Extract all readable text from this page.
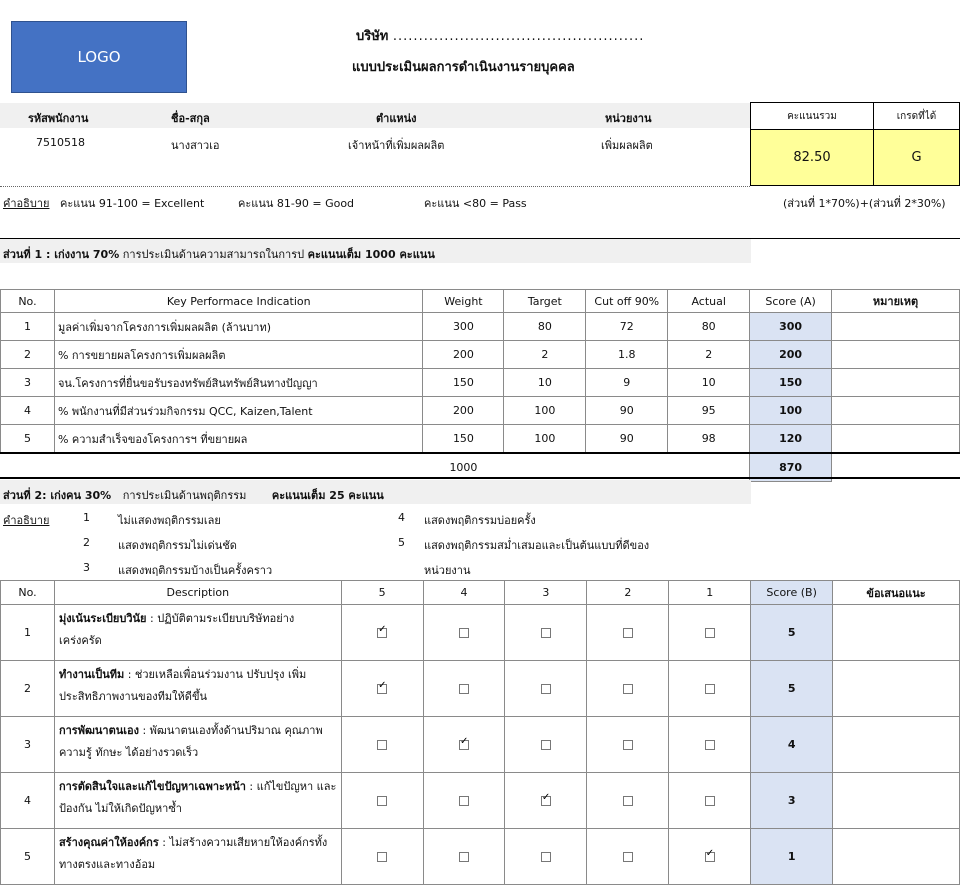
LOGO
บริษัท .................................................
แบบประเมินผลการดำเนินงานรายบุคคล
รหัสพนักงาน	ชื่อ-สกุล	ตำแหน่ง	หน่วยงาน
7510518	นางสาวเอ	เจ้าหน้าที่เพิ่มผลผลิต	เพิ่มผลผลิต
คะแนนรวม	เกรดที่ได้
82.50	G
คำอธิบาย คะแนน 91-100 = Excellent	คะแนน 81-90 = Good	คะแนน <80 = Pass	(ส่วนที่ 1*70%)+(ส่วนที่ 2*30%)
ส่วนที่ 1 : เก่งงาน 70% การประเมินด้านความสามารถในการป คะแนนเต็ม 1000 คะแนน
No.	Key Performace Indication	Weight	Target	Cut off 90%	Actual	Score (A)	หมายเหตุ
1	มูลค่าเพิ่มจากโครงการเพิ่มผลผลิต (ล้านบาท)	300	80	72	80	300	
2	% การขยายผลโครงการเพิ่มผลผลิต	200	2	1.8	2	200	
3	จน.โครงการที่ยื่นขอรับรองทรัพย์สินทรัพย์สินทางปัญญา	150	10	9	10	150	
4	% พนักงานที่มีส่วนร่วมกิจกรรม QCC, Kaizen,Talent	200	100	90	95	100	
5	% ความสำเร็จของโครงการฯ ที่ขยายผล	150	100	90	98	120	
		1000				870	
ส่วนที่ 2: เก่งคน 30% การประเมินด้านพฤติกรรม คะแนนเต็ม 25 คะแนน
คำอธิบาย	1	ไม่แสดงพฤติกรรมเลย
2	แสดงพฤติกรรมไม่เด่นชัด
3	แสดงพฤติกรรมบ้างเป็นครั้งคราว
4 แสดงพฤติกรรมบ่อยครั้ง
5 แสดงพฤติกรรมสม่ำเสมอและเป็นต้นแบบที่ดีของ
หน่วยงาน
No.	Description	5	4	3	2	1	Score (B)	ข้อเสนอแนะ
1	มุ่งเน้นระเบียบวินัย : ปฏิบัติตามระเบียบบริษัทอย่างเคร่งครัด	✓					5	
2	ทำงานเป็นทีม : ช่วยเหลือเพื่อนร่วมงาน ปรับปรุง เพิ่มประสิทธิภาพงานของทีมให้ดีขึ้น	✓					5	
3	การพัฒนาตนเอง : พัฒนาตนเองทั้งด้านปริมาณ คุณภาพ ความรู้ ทักษะ ได้อย่างรวดเร็ว		✓				4	
4	การตัดสินใจและแก้ไขปัญหาเฉพาะหน้า : แก้ไขปัญหา และป้องกัน ไม่ให้เกิดปัญหาซ้ำ			✓			3	
5	สร้างคุณค่าให้องค์กร : ไม่สร้างความเสียหายให้องค์กรทั้งทางตรงและทางอ้อม					✓	1	
